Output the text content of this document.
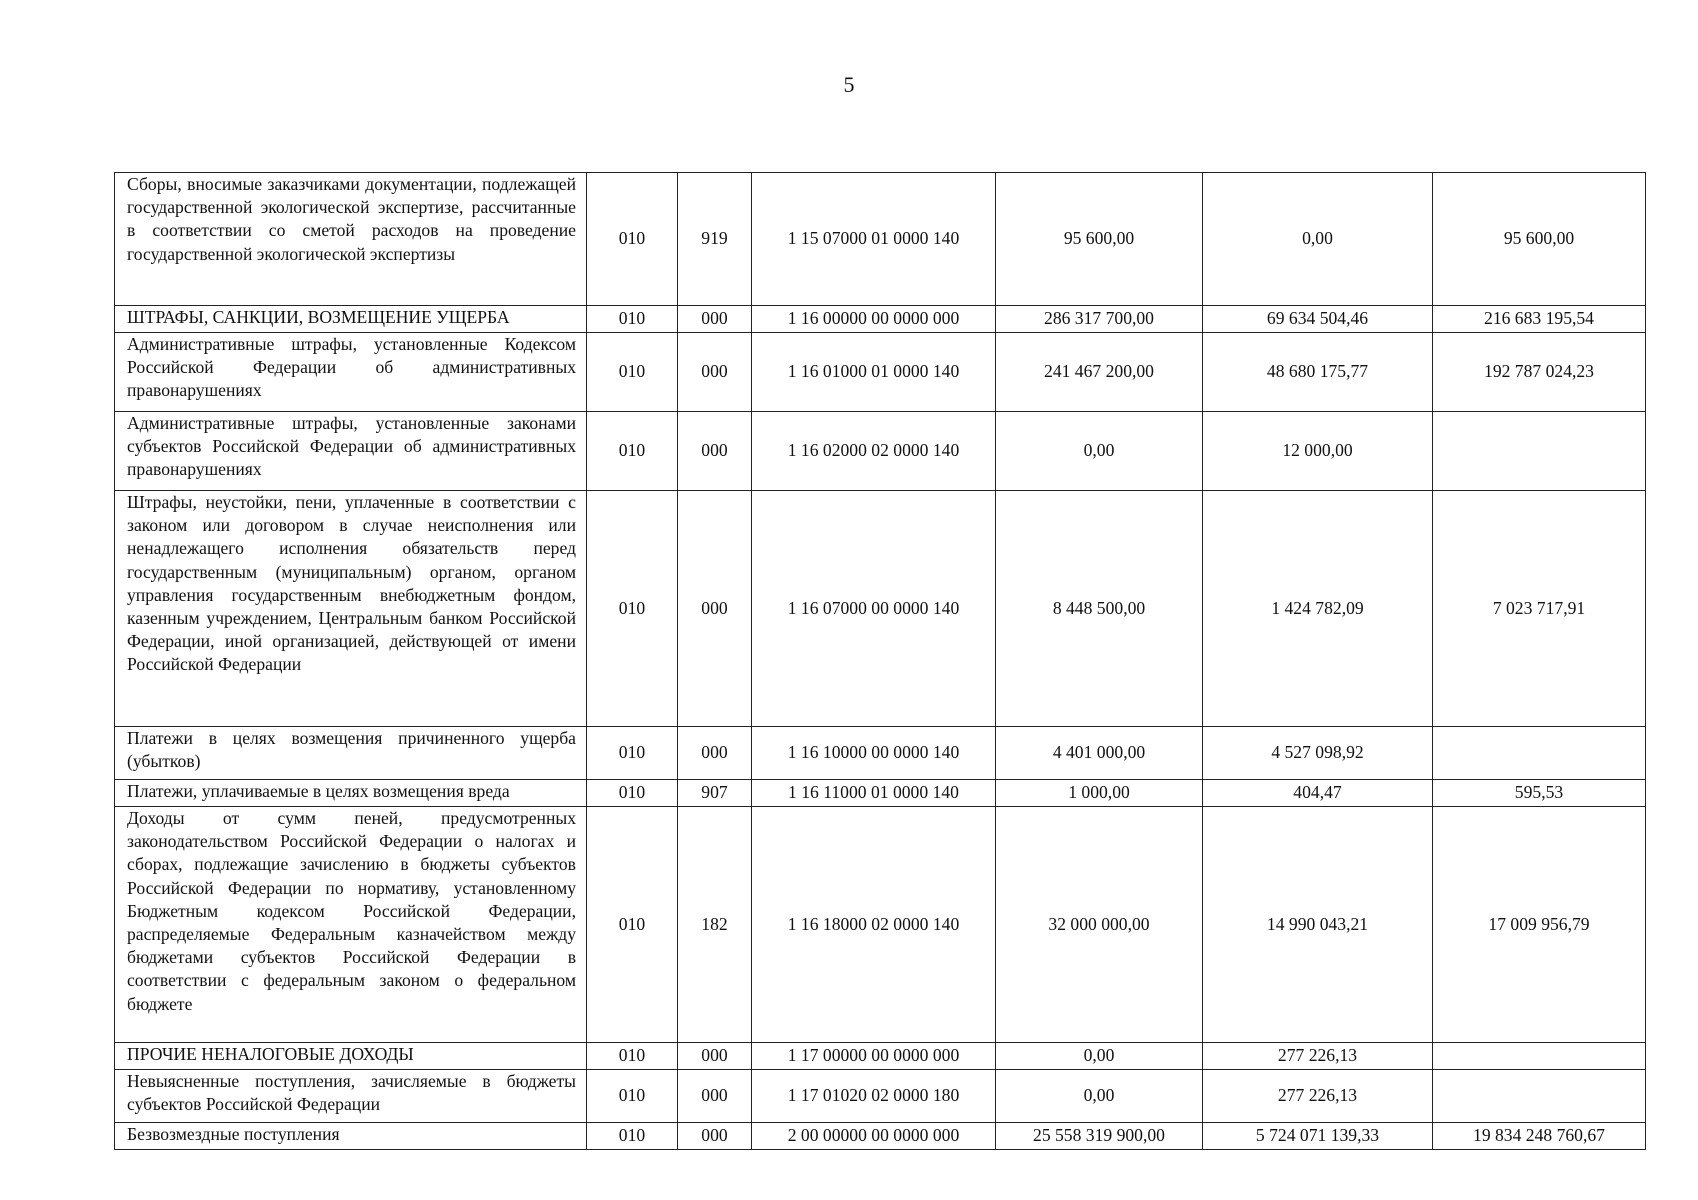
5
Сборы, вносимые заказчиками документации, подлежащей государственной экологической экспертизе, рассчитанные в соответствии со сметой расходов на проведение государственной экологической экспертизы	010	919	1 15 07000 01 0000 140	95 600,00	0,00	95 600,00
ШТРАФЫ, САНКЦИИ, ВОЗМЕЩЕНИЕ УЩЕРБА	010	000	1 16 00000 00 0000 000	286 317 700,00	69 634 504,46	216 683 195,54
Административные штрафы, установленные Кодексом Российской Федерации об административных правонарушениях	010	000	1 16 01000 01 0000 140	241 467 200,00	48 680 175,77	192 787 024,23
Административные штрафы, установленные законами субъектов Российской Федерации об административных правонарушениях	010	000	1 16 02000 02 0000 140	0,00	12 000,00	
Штрафы, неустойки, пени, уплаченные в соответствии с законом или договором в случае неисполнения или ненадлежащего исполнения обязательств перед государственным (муниципальным) органом, органом управления государственным внебюджетным фондом, казенным учреждением, Центральным банком Российской Федерации, иной организацией, действующей от имени Российской Федерации	010	000	1 16 07000 00 0000 140	8 448 500,00	1 424 782,09	7 023 717,91
Платежи в целях возмещения причиненного ущерба (убытков)	010	000	1 16 10000 00 0000 140	4 401 000,00	4 527 098,92	
Платежи, уплачиваемые в целях возмещения вреда	010	907	1 16 11000 01 0000 140	1 000,00	404,47	595,53
Доходы от сумм пеней, предусмотренных законодательством Российской Федерации о налогах и сборах, подлежащие зачислению в бюджеты субъектов Российской Федерации по нормативу, установленному Бюджетным кодексом Российской Федерации, распределяемые Федеральным казначейством между бюджетами субъектов Российской Федерации в соответствии с федеральным законом о федеральном бюджете	010	182	1 16 18000 02 0000 140	32 000 000,00	14 990 043,21	17 009 956,79
ПРОЧИЕ НЕНАЛОГОВЫЕ ДОХОДЫ	010	000	1 17 00000 00 0000 000	0,00	277 226,13	
Невыясненные поступления, зачисляемые в бюджеты субъектов Российской Федерации	010	000	1 17 01020 02 0000 180	0,00	277 226,13	
Безвозмездные поступления	010	000	2 00 00000 00 0000 000	25 558 319 900,00	5 724 071 139,33	19 834 248 760,67
